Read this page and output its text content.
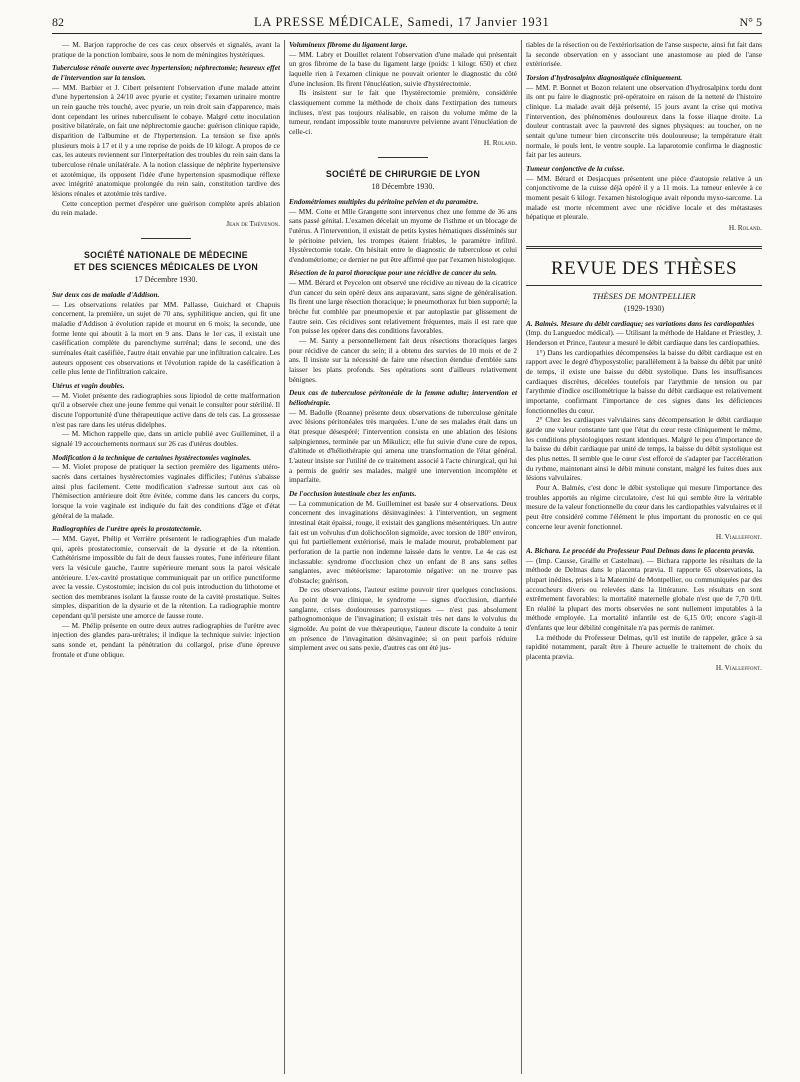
82	LA PRESSE MÉDICALE, Samedi, 17 Janvier 1931	N° 5

— M. Barjon rapproche de ces cas ceux observés et signalés, avant la pratique de la ponction lombaire, sous le nom de méningites hystériques.

Tuberculose rénale ouverte avec hypertension; néphrectomie; heureux effet de l'intervention sur la tension.

— MM. Barbier et J. Cibert présentent l'observation d'une malade atteint d'une hypertension à 24/10 avec pyurie et cystite; l'examen urinaire montre un rein gauche très touché, avec pyurie, un rein droit sain d'apparence, mais dont cependant les urines tuberculisent le cobaye. Malgré cette inoculation positive bilatérale, on fait une néphrectomie gauche: guérison clinique rapide, disparition de l'albumine et de l'hypertension. La tension se fixe après plusieurs mois à 17 et il y a une reprise de poids de 10 kilogr. A propos de ce cas, les auteurs reviennent sur l'interprétation des troubles du rein sain dans la tuberculose rénale unilatérale. A la notion classique de néphrite hypertensive et azotémique, ils opposent l'idée d'une hypertension spasmodique réflexe avec intégrité anatomique prolongée du rein sain, constitution tardive des lésions rénales et azotémie très tardive.

Cette conception permet d'espérer une guérison complète après ablation du rein malade.

Jean de Thévenon.
SOCIÉTÉ NATIONALE DE MÉDECINE
ET DES SCIENCES MÉDICALES DE LYON
17 Décembre 1930.

Sur deux cas de maladie d'Addison.

— Les observations relatées par MM. Pallasse, Guichard et Chapuis concernent, la première, un sujet de 70 ans, syphilitique ancien, qui fit une maladie d'Addison à évolution rapide et mourut en 6 mois; la seconde, une forme lente qui aboutit à la mort en 9 ans. Dans le 1er cas, il existait une caséification complète du parenchyme surrénal; dans le second, une des surrénales était caséifiée, l'autre était envahie par une infiltration calcaire. Les auteurs opposent ces observations et l'évolution rapide de la caséification à celle plus lente de l'infiltration calcaire.

Utérus et vagin doubles.

— M. Violet présente des radiographies sous lipiodol de cette malformation qu'il a observée chez une jeune femme qui venait le consulter pour stérilité. Il discute l'opportunité d'une thérapeutique active dans de tels cas. La grossesse n'est pas rare dans les utérus didelphes.

— M. Michon rappelle que, dans un article publié avec Guilleminet, il a signalé 19 accouchements normaux sur 26 cas d'utérus doubles.

Modification à la technique de certaines hystérectomies vaginales.

— M. Violet propose de pratiquer la section première des ligaments utéro-sacrés dans certaines hystérectomies vaginales difficiles; l'utérus s'abaisse ainsi plus facilement. Cette modification s'adresse surtout aux cas où l'hémisection antérieure doit être évitée, comme dans les cancers du corps, lorsque la voie vaginale est indiquée du fait des conditions d'âge et d'état général de la malade.

Radiographies de l'urètre après la prostatectomie.

— MM. Gayet, Phélip et Verrière présentent le radiographies d'un malade qui, après prostatectomie, conservait de la dysurie et de la rétention. Cathétérisme impossible du fait de deux fausses routes, l'une inférieure filant vers la vésicule gauche, l'autre supérieure menant sous la paroi vésicale antérieure. L'ex-cavité prostatique communiquait par un orifice punctiforme avec la vessie. Cystostomie; incision du col puis introduction du lithotome et section des membranes isolant la fausse route de la cavité prostatique. Suites simples, disparition de la dysurie et de la rétention. La radiographie montre cependant qu'il persiste une amorce de fausse route.

— M. Phélip présente en outre deux autres radiographies de l'urètre avec injection des glandes para-urétrales; il indique la technique suivie: injection sans sonde et, pendant la pénétration du collargol, prise d'une épreuve frontale et d'une oblique.

Volumineux fibrome du ligament large.

— MM. Labry et Douillet relatent l'observation d'une malade qui présentait un gros fibrome de la base du ligament large (poids: 1 kilogr. 650) et chez laquelle rien à l'examen clinique ne pouvait orienter le diagnostic du côté d'une inclusion. Ils firent l'énucléation, suivie d'hystérectomie.

Ils insistent sur le fait que l'hystérectomie première, considérée classiquement comme la méthode de choix dans l'extirpation des tumeurs incluses, n'est pas toujours réalisable, en raison du volume même de la tumeur, rendant impossible toute manœuvre pelvienne avant l'énucléation de celle-ci.

H. Roland.
SOCIÉTÉ DE CHIRURGIE DE LYON
18 Décembre 1930.

Endométriomes multiples du péritoine pelvien et du paramètre.

— MM. Cotte et Mlle Grangette sont intervenus chez une femme de 36 ans sans passé génital. L'examen décelait un myome de l'isthme et un blocage de l'utérus. A l'intervention, il existait de petits kystes hématiques disséminés sur le péritoine pelvien, les trompes étaient friables, le paramètre infiltré. Hystérectomie totale. On hésitait entre le diagnostic de tuberculose et celui d'endométriome; ce dernier ne put être affirmé que par l'examen histologique.

Résection de la paroi thoracique pour une récidive de cancer du sein.

— MM. Bérard et Peycelon ont observé une récidive au niveau de la cicatrice d'un cancer du sein opéré deux ans auparavant, sans signe de généralisation. Ils firent une large résection thoracique; le pneumothorax fut bien supporté; la brèche fut comblée par pneumopexie et par autoplastie par glissement de l'autre sein. Ces récidives sont relativement fréquentes, mais il est rare que l'on puisse les opérer dans des conditions favorables.

— M. Santy a personnellement fait deux résections thoraciques larges pour récidive de cancer du sein; il a obtenu des survies de 10 mois et de 2 ans. Il insiste sur la nécessité de faire une résection étendue d'emblée sans laisser les plans profonds. Ses opérations sont d'ailleurs relativement bénignes.

Deux cas de tuberculose péritonéale de la femme adulte; intervention et héliothérapie.

— M. Badolle (Roanne) présente deux observations de tuberculose génitale avec lésions péritonéales très marquées. L'une de ses malades était dans un état presque désespéré; l'intervention consista en une ablation des lésions salpingiennes, terminée par un Mikulicz; elle fut suivie d'une cure de repos, d'altitude et d'héliothérapie qui amena une transformation de l'état général. L'auteur insiste sur l'utilité de ce traitement associé à l'acte chirurgical, qui lui a permis de guérir ses malades, malgré une intervention incomplète et imparfaite.

De l'occlusion intestinale chez les enfants.

— La communication de M. Guilleminet est basée sur 4 observations. Deux concernent des invaginations désinvaginées: à l'intervention, un segment intestinal était épaissi, rouge, il existait des ganglions mésentériques. Un autre fait est un volvulus d'un dolichocôlon sigmoïde, avec torsion de 180° environ, qui fut partiellement extériorisé, mais le malade mourut, probablement par perforation de la partie non indemne laissée dans le ventre. Le 4e cas est inclassable: syndrome d'occlusion chez un enfant de 8 ans sans selles sanglantes, avec météorisme: laparotomie négative: on ne trouve pas d'obstacle; guérison.

De ces observations, l'auteur estime pouvoir tirer quelques conclusions. Au point de vue clinique, le syndrome — signes d'occlusion, diarrhée sanglante, crises douloureuses paroxystiques — n'est pas absolument pathognomonique de l'invagination; il existait très net dans le volvulus du sigmoïde. Au point de vue thérapeutique, l'auteur discute la conduite à tenir en présence de l'invagination désinvaginée; si on peut parfois réduire simplement avec ou sans pexie, d'autres cas ont été jus-

tiables de la résection ou de l'extériorisation de l'anse suspecte, ainsi fut fait dans la seconde observation en y associant une anastomose au pied de l'anse extériorisée.

Torsion d'hydrosalpinx diagnostiquée cliniquement.

— MM. P. Bonnet et Bozon relatent une observation d'hydrosalpinx tordu dont ils ont pu faire le diagnostic pré-opératoire en raison de la netteté de l'histoire clinique. La malade avait déjà présenté, 15 jours avant la crise qui motiva l'intervention, des phénomènes douloureux dans la fosse iliaque droite. La douleur contrastait avec la pauvreté des signes physiques: au toucher, on ne sentait qu'une tumeur bien circonscrite très douloureuse; la température était normale, le pouls lent, le ventre souple. La laparotomie confirma le diagnostic fait par les auteurs.

Tumeur conjonctive de la cuisse.

— MM. Bérard et Desjacques présentent une pièce d'autopsie relative à un conjonctivome de la cuisse déjà opéré il y a 11 mois. La tumeur enlevée à ce moment pesait 6 kilogr. l'examen histologique avait répondu myxo-sarcome. La malade est morte récemment avec une récidive locale et des métastases hépatique et pleurale.

H. Roland.
REVUE DES THÈSES
THÈSES DE MONTPELLIER
(1929-1930)

A. Balmès. Mesure du débit cardiaque; ses variations dans les cardiopathies

(Imp. du Languedoc médical). — Utilisant la méthode de Haldane et Priestley, J. Henderson et Prince, l'auteur a mesuré le débit cardiaque dans les cardiopathies.

1°) Dans les cardiopathies décompensées la baisse du débit cardiaque est en rapport avec le degré d'hyposystolie; parallèlement à la baisse du débit par unité de temps, il existe une baisse du débit systolique. Dans les insuffisances cardiaques discrètes, décelées toutefois par l'arythmie de tension ou par l'arythmie d'indice oscillométrique la baisse du débit cardiaque est relativement importante, confirmant l'importance de ces signes dans les déficiences fonctionnelles du cœur.

2° Chez les cardiaques valvulaires sans décompensation le débit cardiaque garde une valeur constante tant que l'état du cœur reste cliniquement le même, les conditions physiologiques restant identiques. Malgré le peu d'importance de la baisse du débit cardiaque par unité de temps, la baisse du débit systolique est des plus nettes. Il semble que le cœur s'est efforcé de s'adapter par l'accélération du rythme, maintenant ainsi le débit minute constant, malgré les fuites dues aux lésions valvulaires.

Pour A. Balmès, c'est donc le débit systolique qui mesure l'importance des troubles apportés au régime circulatoire, c'est lui qui semble être la véritable mesure de la valeur fonctionnelle du cœur dans les cardiopathies valvulaires et il peut être considéré comme l'élément le plus important du pronostic en ce qui concerne leur avenir fonctionnel.

H. Vialleffont.

A. Bichara. Le procédé du Professeur Paul Delmas dans le placenta prævia.

— (Imp. Causse, Graille et Castelnau). — Bichara rapporte les résultats de la méthode de Delmas dans le placenta prævia. Il rapporte 65 observations, la plupart inédites, prises à la Maternité de Montpellier, ou communiquées par des accoucheurs divers ou relevées dans la littérature. Les résultats en sont extrêmement favorables: la mortalité maternelle globale n'est que de 7,70 0/0. En réalité la plupart des morts observées ne sont nullement imputables à la méthode employée. La mortalité infantile est de 6,15 0/0; encore s'agit-il d'enfants que leur débilité congénitale n'a pas permis de ranimer.

La méthode du Professeur Delmas, qu'il est inutile de rappeler, grâce à sa rapidité notamment, paraît être à l'heure actuelle le traitement de choix du placenta prævia.

H. Vialleffont.
